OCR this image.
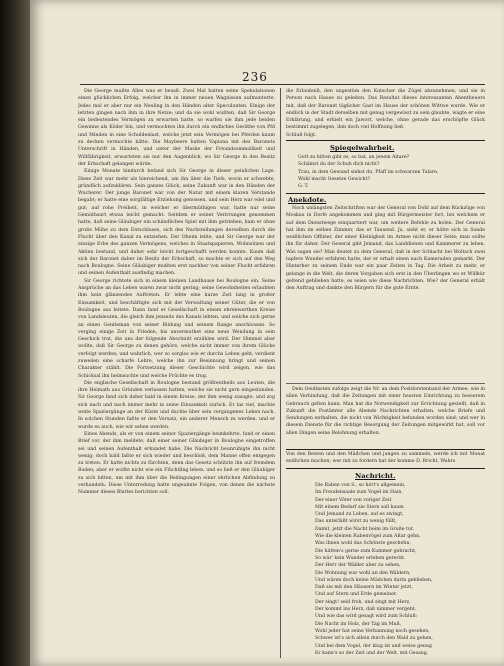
236

Die George mußte Alles was er besaß. Zwei Mal hatten seine Spekulationen einen glücklichen Erfolg, welcher ihn in immer neuen Wagnissen aufmunterte. Jedes mal er aber nur ein Neuling in den Händen alter Speculanten. Einige der letzten gingen nach ihm in ihre Netze; und da sie wohl wußten, daß Sir George ein bedeutendes Vermögen zu erwarten hatte, so warfen sie ihm jede beiden Gewinne als Köder hin, und vermochten ihn durch ein endliches Geräthe von Pfd und Minden in eine Schuldenlast, welche jetzt sein Vermögen bei Pferden kaum zu decken vermochte hätte. Die Maybeere hatten Vapiana mit des Baronets Unterschrift in Händen, und unter der Maske der Freundsommolikeit und Willfährigkeit, erwarteten sie nur den Augenblick, wo Sir George in den Besitz der Erbschaft gelangen würde.

Einige Monate hindurch befand sich Sir George in dieser peinlichen Lage. Diese Zeit war mehr als hinreichend, um ihn über die Tiefe, worin er schwebte, gründlich aufzuklären. Sein ganzes Glück, seine Zukunft war in den Händen der Wucherer. Der junge Baronet war von der Natur mit einem klaren Verstande begabt; er hatte eine sorgfältige Erziehung genossen, und sein Herz war edel und gut; auf rohe Freiheit, in welcher er übermüthigen war, hatte nur seine Gemüthsart etwas leicht gemacht. Seitdem er seiner Verirrungen genommen hatte, daß seine Gläubiger ein schändliches Spiel mit ihm getrieben, kam er ohne große Mühe zu dem Entschlusse, sich des Nachstellungen derselben durch die Flucht über den Kanal zu entziehen. Der Oheim lebte, und Sir George war der einzige Erbe des ganzen Vermögens, welches in Staatspapieren, Wohnsitzen und Aktien bestand, und daher sehr leicht fortgeschafft werden konnte. Kaum daß sich der Baronet daher im Besitz der Erbschaft, so machte er sich auf den Weg nach Boulogne. Seine Gläubiger mußten erst nachher von seiner Flucht erfahren und seinen Aufenthalt ausfindig machen.

Sir George richtete sich in einem kleinen Landhause bei Boulogne ein. Seine Ansprüche an das Leben waren zwar nicht gering; seine Gewohnheiten erlaubten ihm kein glänzendes Auftreten. Er lebte eine kurze Zeit lang in großer Einsamkeit, und beschäftigte sich mit der Verwaltung seiner Güter, die er von Boulogne aus leitete. Dann fand er Gesellschaft in einem ehrenwerthen Kreise von Landsleuten, die gleich ihm jenseits des Kanals lebten, und welche sich gerne an einen Gentleman von seiner Bildung und seinem Range anschlossen. So verging einige Zeit in Frieden, bis unvermuthet eine neue Wendung in sein Geschick trat, die uns der folgende Abschnitt erzählen wird. Der Himmel aber wollte, daß Sir George zu denen gehöre, welche nicht immer von ihrem Glücke verfolgt werden; und wahrlich, wer so sorglos wie er durchs Leben geht, verdient zuweilen eine scharfe Lehre, welche ihn zur Besinnung bringt und seinen Charakter stählt. Die Fortsetzung dieser Geschichte wird zeigen, wie das Schicksal ihn heimsuchte und welche Früchte es trug.

Die englische Gesellschaft in Boulogne bestand größtentheils aus Leuten, die ihre Heimath aus Gründen verlassen hatten, welche sie nicht gern eingestanden. Sir George fand sich daher bald in einem Kreise, der ihm wenig zusagte, und zog sich nach und nach immer mehr in seine Einsamkeit zurück. Er las viel, machte weite Spaziergänge an der Küste und dachte über sein vergangenes Leben nach. In solchen Stunden faßte er den Vorsatz, ein anderer Mensch zu werden, und er wurde es auch, wie wir sehen werden.

Eines Abends, als er von einem seiner Spaziergänge heimkehrte, fand er einen Brief vor, der ihm meldete, daß einer seiner Gläubiger in Boulogne eingetroffen sei und seinen Aufenthalt erkundet habe. Die Nachricht beunruhigte ihn nicht wenig; doch bald faßte er sich wieder und beschloß, dem Manne offen entgegen zu treten. Er hatte nichts zu fürchten, denn das Gesetz schützte ihn auf fremdem Boden; aber er wollte nicht wie ein Flüchtling leben, und so ließ er den Gläubiger zu sich bitten, um mit ihm über die Bedingungen einer ehrlichen Abfindung zu verhandeln. Diese Unterredung hatte ungeahnte Folgen, von denen die nächste Nummer dieses Blattes berichten soll.

die Erlaubniß, den ungestüm den Kutscher die Zügel abzunehmen, und sie in Person nach Hause zu geleiten. Das Resultat dieses interessanten Abentheuers mit, daß der Baronet täglicher Gast im Hause der schönen Wittwe wurde. Wie er endlich in der Stadt derselben mit genug vergewisst zu sein glaubte, wagte er eine Erklärung, und erhielt ein Jawort, welche, ohne gerade das erschöpfte Glück bestimmt zugelegen, ihm doch viel Hoffnung ließ.

Schluß folgt.

Spiegelwahrheit.

Gott zu bitten gibt es, so bat, an jenem Altare?

Schämst du der Schuh dich nicht?

Trau, in dem Gewand siehst du, Pfaff im schwarzen Talare,

Wohl macht Gesetze Gewicht?

G. T.

Anekdote.

Noch unlängsten Zeitschriften war der General von Dohl auf dem Rückzüge von Moskau in Dorfe angekommen und ging mit Bürgermeister fort, bei welchem er auf dem Dienstwege einquartiert war, um weitere Befehle zu holen. Der General hat ihm im selben Zimmer, das er Tausend. Ja, sieht er, er hätte sich in Sande weißlichen Offizier, der einer Kleinigkeit im Armee nicht dieser Seite; man sollte ihn für daher. Der General gibt Jemand, das Landdienen und Kammerer zu leben. Was sagen sie? Man deutet zu dem General, daß in der Schlacht bei Woltsch zwei tapfere Wunder erfahren hatte, der er erhalt einen nach Kameraden gemarkt. Der Hinterher zu seinem Ende war ein paar Zeiten in Tag. Die Arbeit zu mehr, er gelange in die Welt, die deren Vorgaben sich erst in den Überlingen wo er Willkür geltend geblieben hatte, es seien wie diese Nachrichten. Wie? der General erhält den Auftrag und dankte den Bürgern für die gute Ernte.

Dem Oeidinsten zufolge zeigt die Nr. an dem Postdorstenband der Armee, wie in allen Verbindung, daß die Zeitungen mit einer bessren Einrichtung zu besserem Gebrauch gelten kann. Man hat die Notwendigkeit zur Errichtung gestellt, daß in Zukunft die Postämter alle Abende Nachrichten erhalten, welche Briefe und Sendungen enthalten, die nicht von Wichtigkeit befunden worden sind; und wer in diesem Dienste für die richtige Besorgung der Zeitungen mitgewirkt hat, soll vor allen Dingen seine Belohnung erhalten.

Von den Besten und den Mädchen und jungen zu sammeln, werde ich mit Monat endlichen machen; wer mit zu fordern hat der komme D. Bricht, Wahrs.

Nachricht.
Die Raben von S., so hört's allgemein,
Im Freudensaale zum Vogel im Hain,
Der einer Vöter von voriger Zeit
Mit einem Bedarf sie Stern soll kaum
Und Jemand zu Leben, auf es zwingt,
Das unterläßt wirst zu wenig füllt,
Damit, jetzt die Nacht beim im Gruße tut.
Wie die kleinen Rabenvögel zum Altar gehn,
Was ihnen wohl das Schönste geschehn,
Die hätten's gerne zum Kummer gebracht,
So wär' kein Wunder erleben gerecht.
Der Herr der Wälder aber zu sehen,
Die Wohnung war wohl an den Wäldern,
Und wären doch keine Mädchen darin geblieben,
Daß sie mit den Häusern im Winter jetzt,
Und auf Stern und Erde gemeiner.
Der singt! seid froh, und singt mit Herz,
Der kommt ins Herz, daß nimmer vergeht.
Und wie das wird gesagt wird zum Schluß:
Die Nacht im Holz, der Tag im Muß,
Wohl jeder hat seine Verbannung noch gesehen,
Schwer ist's sich allein durch den Wald zu gehen,
Und bei dem Vogel, der klug ist und weise genug
Er kann's so der Zeit und der Welt, mit Gesang.
